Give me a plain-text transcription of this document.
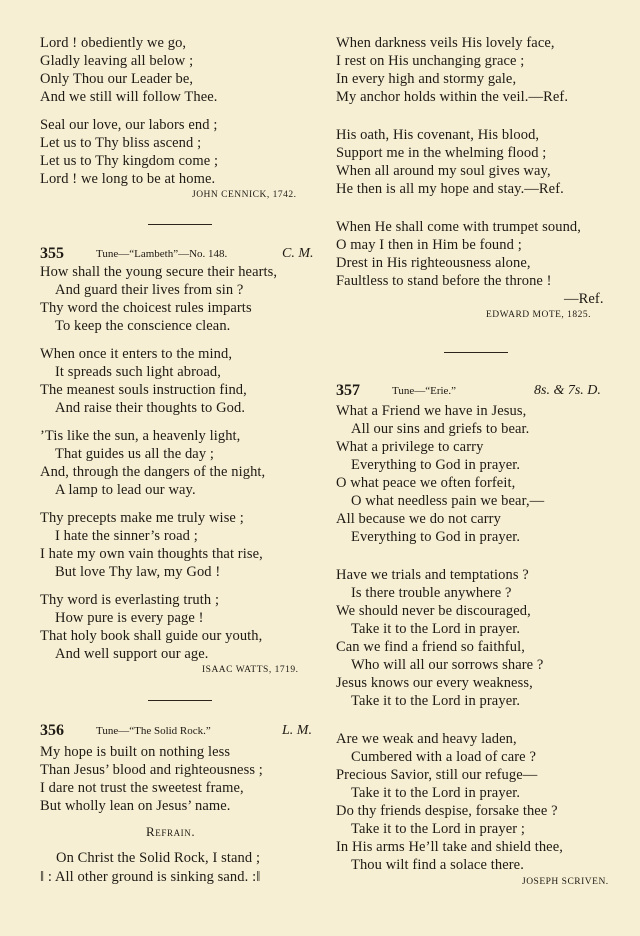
Lord ! obediently we go,
Gladly leaving all below ;
Only Thou our Leader be,
And we still will follow Thee.
Seal our love, our labors end ;
Let us to Thy bliss ascend ;
Let us to Thy kingdom come ;
Lord ! we long to be at home.
JOHN CENNICK, 1742.
355	Tune—“Lambeth”—No. 148.	C. M.
How shall the young secure their hearts,
And guard their lives from sin ?
Thy word the choicest rules imparts
To keep the conscience clean.
When once it enters to the mind,
It spreads such light abroad,
The meanest souls instruction find,
And raise their thoughts to God.
’Tis like the sun, a heavenly light,
That guides us all the day ;
And, through the dangers of the night,
A lamp to lead our way.
Thy precepts make me truly wise ;
I hate the sinner’s road ;
I hate my own vain thoughts that rise,
But love Thy law, my God !
Thy word is everlasting truth ;
How pure is every page !
That holy book shall guide our youth,
And well support our age.
ISAAC WATTS, 1719.
356	Tune—“The Solid Rock.”	L. M.
My hope is built on nothing less
Than Jesus’ blood and righteousness ;
I dare not trust the sweetest frame,
But wholly lean on Jesus’ name.
Refrain.
On Christ the Solid Rock, I stand ;
‖ : All other ground is sinking sand. :‖
When darkness veils His lovely face,
I rest on His unchanging grace ;
In every high and stormy gale,
My anchor holds within the veil.—Ref.
His oath, His covenant, His blood,
Support me in the whelming flood ;
When all around my soul gives way,
He then is all my hope and stay.—Ref.
When He shall come with trumpet sound,
O may I then in Him be found ;
Drest in His righteousness alone,
Faultless to stand before the throne !
—Ref.
EDWARD MOTE, 1825.
357	Tune—“Erie.”	8s. & 7s. D.
What a Friend we have in Jesus,
All our sins and griefs to bear.
What a privilege to carry
Everything to God in prayer.
O what peace we often forfeit,
O what needless pain we bear,—
All because we do not carry
Everything to God in prayer.
Have we trials and temptations ?
Is there trouble anywhere ?
We should never be discouraged,
Take it to the Lord in prayer.
Can we find a friend so faithful,
Who will all our sorrows share ?
Jesus knows our every weakness,
Take it to the Lord in prayer.
Are we weak and heavy laden,
Cumbered with a load of care ?
Precious Savior, still our refuge—
Take it to the Lord in prayer.
Do thy friends despise, forsake thee ?
Take it to the Lord in prayer ;
In His arms He’ll take and shield thee,
Thou wilt find a solace there.
JOSEPH SCRIVEN.
